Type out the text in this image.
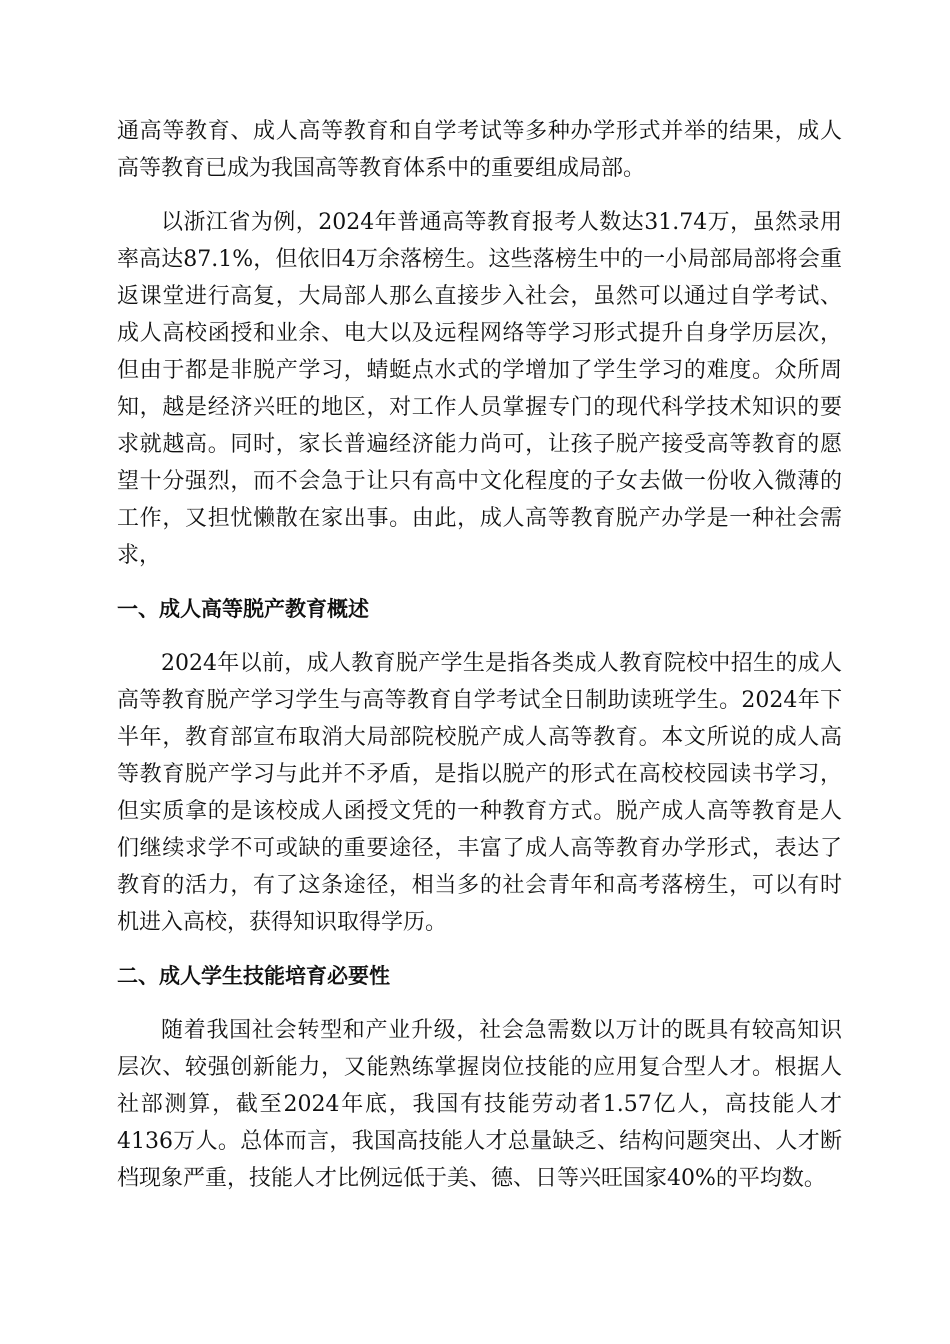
通高等教育、成人高等教育和自学考试等多种办学形式并举的结果，成人高等教育已成为我国高等教育体系中的重要组成局部。

以浙江省为例，2024年普通高等教育报考人数达31.74万，虽然录用率高达87.1%，但依旧4万余落榜生。这些落榜生中的一小局部局部将会重返课堂进行高复，大局部人那么直接步入社会，虽然可以通过自学考试、成人高校函授和业余、电大以及远程网络等学习形式提升自身学历层次，但由于都是非脱产学习，蜻蜓点水式的学增加了学生学习的难度。众所周知，越是经济兴旺的地区，对工作人员掌握专门的现代科学技术知识的要求就越高。同时，家长普遍经济能力尚可，让孩子脱产接受高等教育的愿望十分强烈，而不会急于让只有高中文化程度的子女去做一份收入微薄的工作，又担忧懒散在家出事。由此，成人高等教育脱产办学是一种社会需求，

一、成人高等脱产教育概述

2024年以前，成人教育脱产学生是指各类成人教育院校中招生的成人高等教育脱产学习学生与高等教育自学考试全日制助读班学生。2024年下半年，教育部宣布取消大局部院校脱产成人高等教育。本文所说的成人高等教育脱产学习与此并不矛盾，是指以脱产的形式在高校校园读书学习，但实质拿的是该校成人函授文凭的一种教育方式。脱产成人高等教育是人们继续求学不可或缺的重要途径，丰富了成人高等教育办学形式，表达了教育的活力，有了这条途径，相当多的社会青年和高考落榜生，可以有时机进入高校，获得知识取得学历。

二、成人学生技能培育必要性

随着我国社会转型和产业升级，社会急需数以万计的既具有较高知识层次、较强创新能力，又能熟练掌握岗位技能的应用复合型人才。根据人社部测算，截至2024年底，我国有技能劳动者1.57亿人，高技能人才4136万人。总体而言，我国高技能人才总量缺乏、结构问题突出、人才断档现象严重，技能人才比例远低于美、德、日等兴旺国家40%的平均数。
